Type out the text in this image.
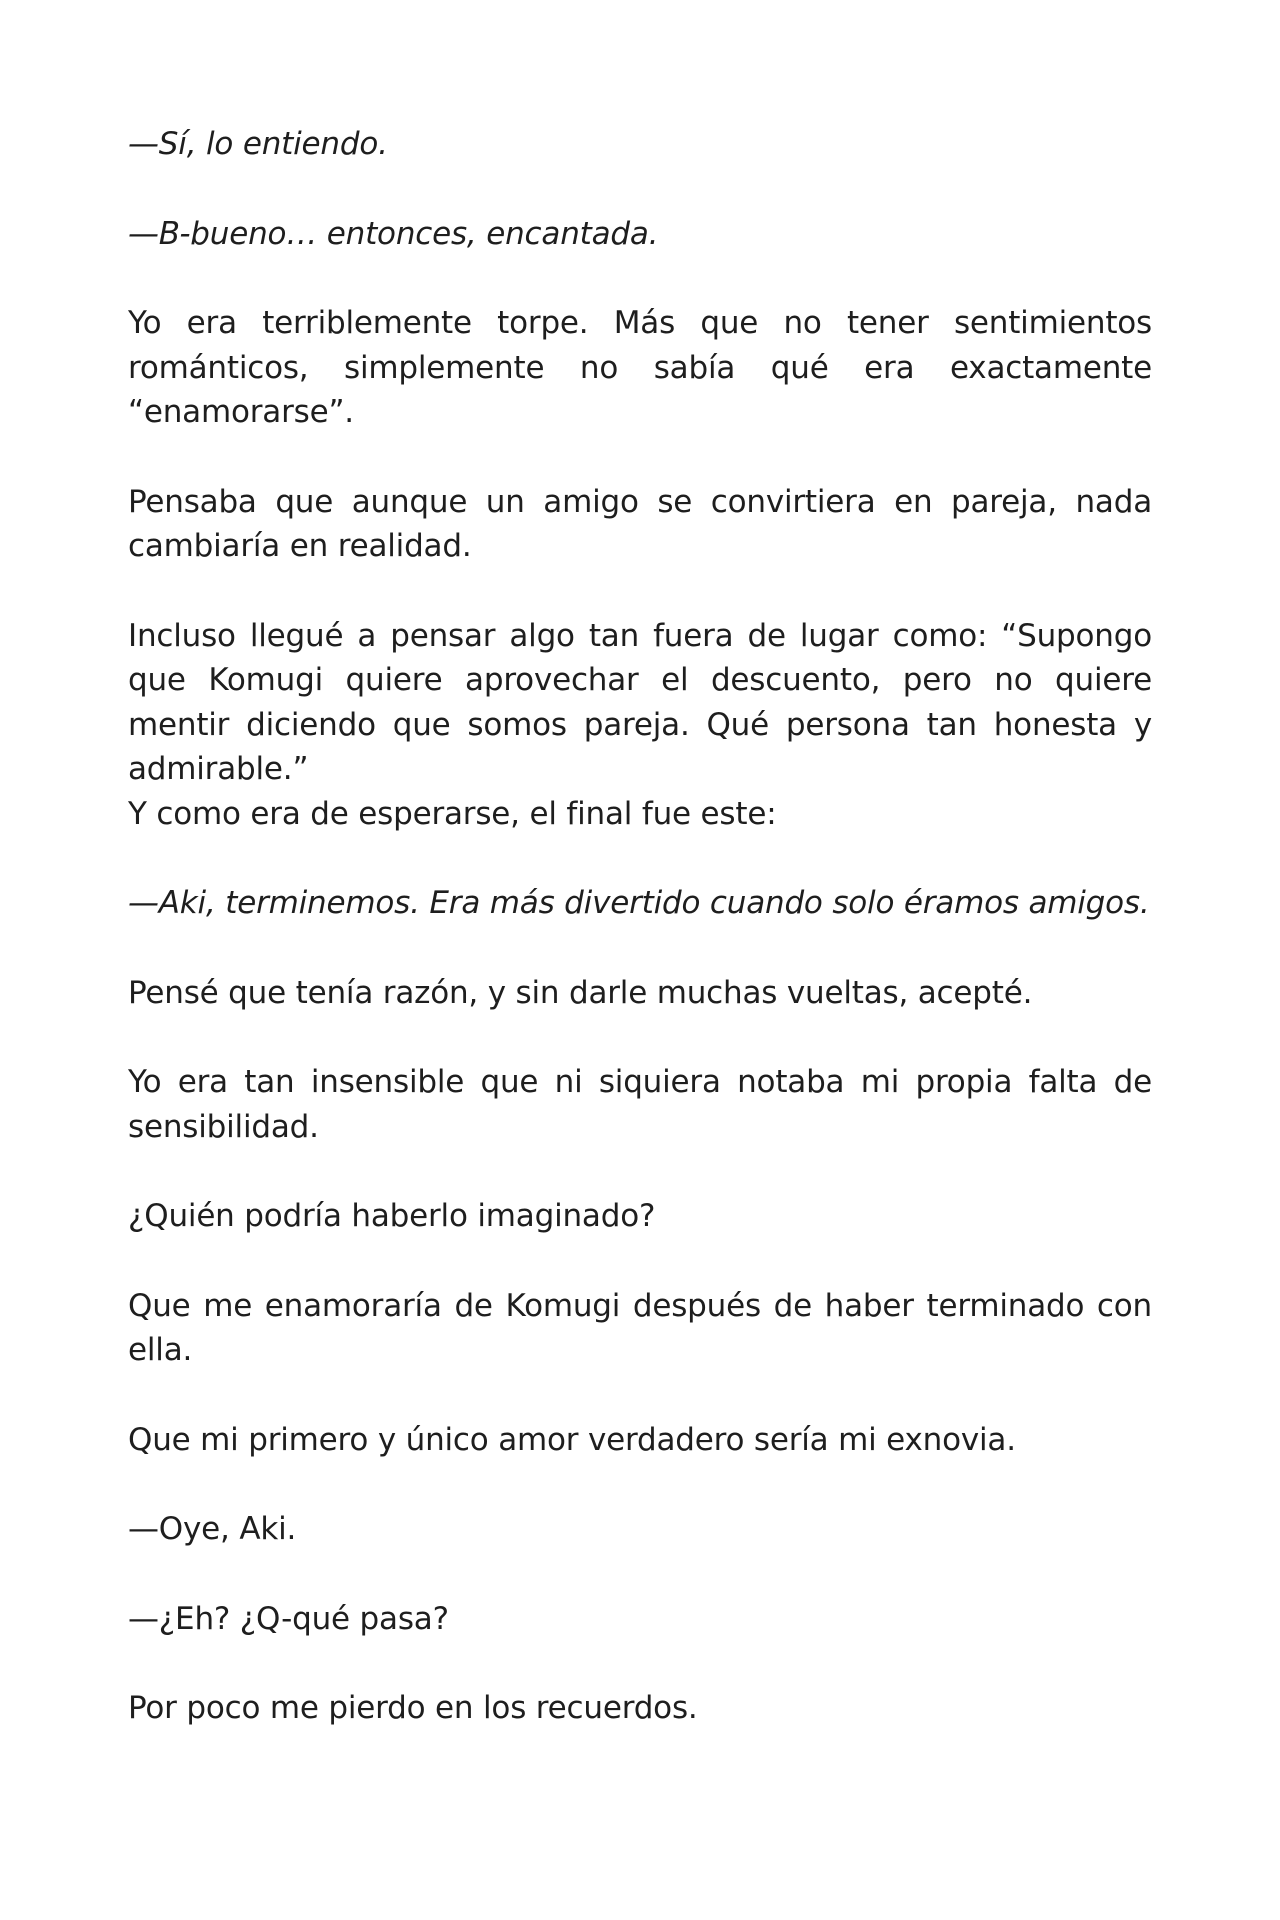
—Sí, lo entiendo.

—B-bueno… entonces, encantada.

Yo era terriblemente torpe. Más que no tener sentimientos románticos, simplemente no sabía qué era exactamente “enamorarse”.

Pensaba que aunque un amigo se convirtiera en pareja, nada cambiaría en realidad.

Incluso llegué a pensar algo tan fuera de lugar como: “Supongo que Komugi quiere aprovechar el descuento, pero no quiere mentir diciendo que somos pareja. Qué persona tan honesta y admirable.”

Y como era de esperarse, el final fue este:

—Aki, terminemos. Era más divertido cuando solo éramos amigos.

Pensé que tenía razón, y sin darle muchas vueltas, acepté.

Yo era tan insensible que ni siquiera notaba mi propia falta de sensibilidad.

¿Quién podría haberlo imaginado?

Que me enamoraría de Komugi después de haber terminado con ella.

Que mi primero y único amor verdadero sería mi exnovia.

—Oye, Aki.

—¿Eh? ¿Q-qué pasa?

Por poco me pierdo en los recuerdos.
